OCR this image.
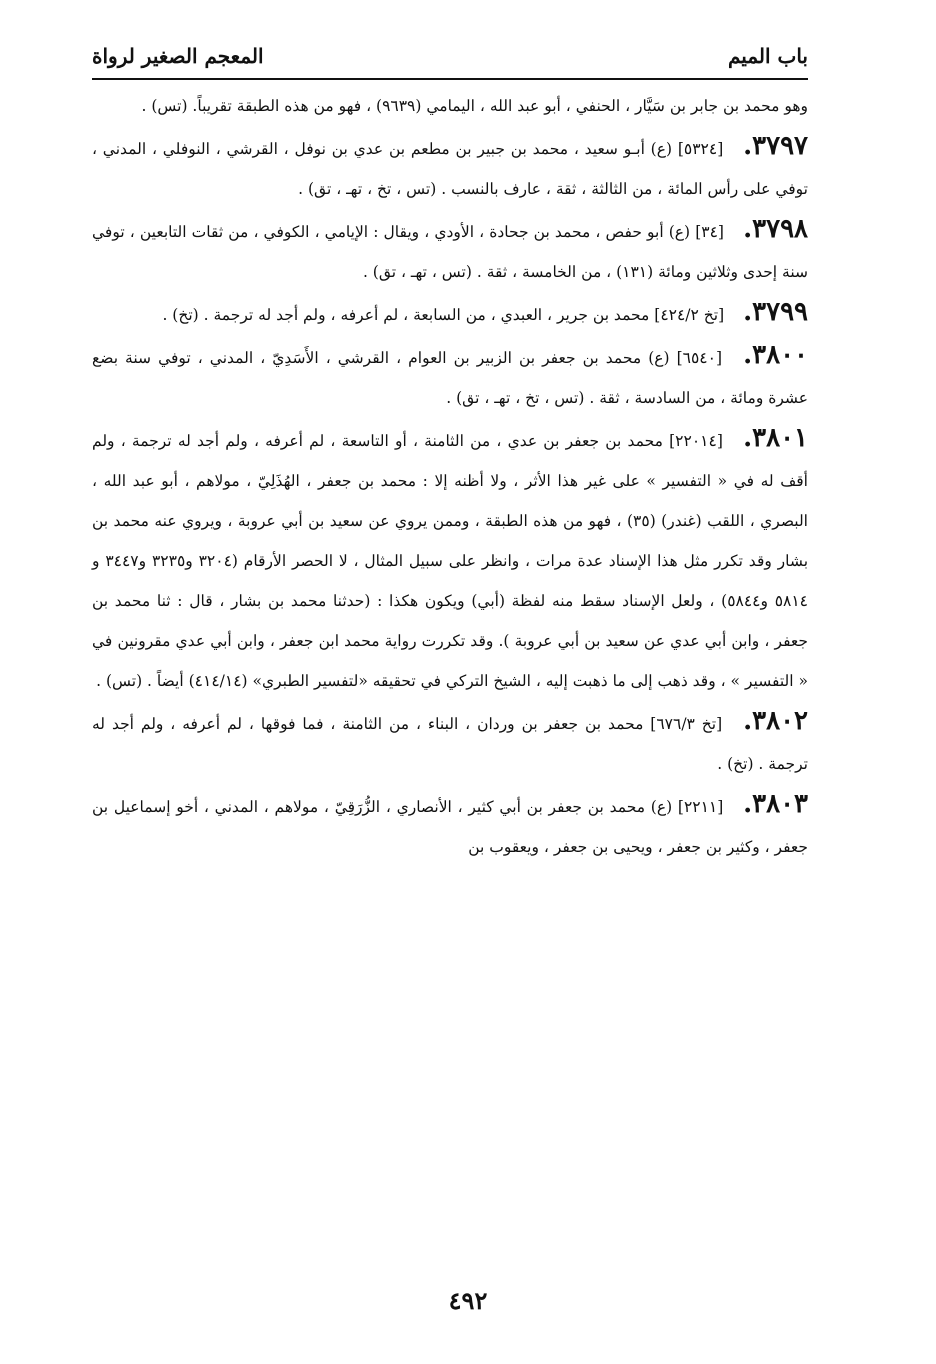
باب الميم
المعجم الصغير لرواة

وهو محمد بن جابر بن سَيَّار ، الحنفي ، أبو عبد الله ، اليمامي (٩٦٣٩) ، فهو من هذه الطبقة تقريباً. (تس) .

٣٧٩٧. [٥٣٢٤] (ع) أبـو سعيد ، محمد بن جبير بن مطعم بن عدي بن نوفل ، القرشي ، النوفلي ، المدني ، توفي على رأس المائة ، من الثالثة ، ثقة ، عارف بالنسب . (تس ، تخ ، تهـ ، تق) .

٣٧٩٨. [٣٤] (ع) أبو حفص ، محمد بن جحادة ، الأودي ، ويقال : الإيامي ، الكوفي ، من ثقات التابعين ، توفي سنة إحدى وثلاثين ومائة (١٣١) ، من الخامسة ، ثقة . (تس ، تهـ ، تق) .

٣٧٩٩. [تخ ٤٢٤/٢] محمد بن جرير ، العبدي ، من السابعة ، لم أعرفه ، ولم أجد له ترجمة . (تخ) .

٣٨٠٠. [٦٥٤٠] (ع) محمد بن جعفر بن الزبير بن العوام ، القرشي ، الأَسَدِيّ ، المدني ، توفي سنة بضع عشرة ومائة ، من السادسة ، ثقة . (تس ، تخ ، تهـ ، تق) .

٣٨٠١. [٢٢٠١٤] محمد بن جعفر بن عدي ، من الثامنة ، أو التاسعة ، لم أعرفه ، ولم أجد له ترجمة ، ولم أقف له في « التفسير » على غير هذا الأثر ، ولا أظنه إلا : محمد بن جعفر ، الهُذَلِيّ ، مولاهم ، أبو عبد الله ، البصري ، اللقب (غندر) (٣٥) ، فهو من هذه الطبقة ، وممن يروي عن سعيد بن أبي عروبة ، ويروي عنه محمد بن بشار وقد تكرر مثل هذا الإسناد عدة مرات ، وانظر على سبيل المثال ، لا الحصر الأرقام (٣٢٠٤ و٣٢٣٥ و٣٤٤٧ و ٥٨١٤ و٥٨٤٤) ، ولعل الإسناد سقط منه لفظة (أبي) ويكون هكذا : (حدثنا محمد بن بشار ، قال : ثنا محمد بن جعفر ، وابن أبي عدي عن سعيد بن أبي عروبة ). وقد تكررت رواية محمد ابن جعفر ، وابن أبي عدي مقرونين في « التفسير » ، وقد ذهب إلى ما ذهبت إليه ، الشيخ التركي في تحقيقه «لتفسير الطبري» (٤١٤/١٤) أيضاً . (تس) .

٣٨٠٢. [تخ ٦٧٦/٣] محمد بن جعفر بن وردان ، البناء ، من الثامنة ، فما فوقها ، لم أعرفه ، ولم أجد له ترجمة . (تخ) .

٣٨٠٣. [٢٢١١] (ع) محمد بن جعفر بن أبي كثير ، الأنصاري ، الزُّرَقِيّ ، مولاهم ، المدني ، أخو إسماعيل بن جعفر ، وكثير بن جعفر ، ويحيى بن جعفر ، ويعقوب بن

٤٩٢
